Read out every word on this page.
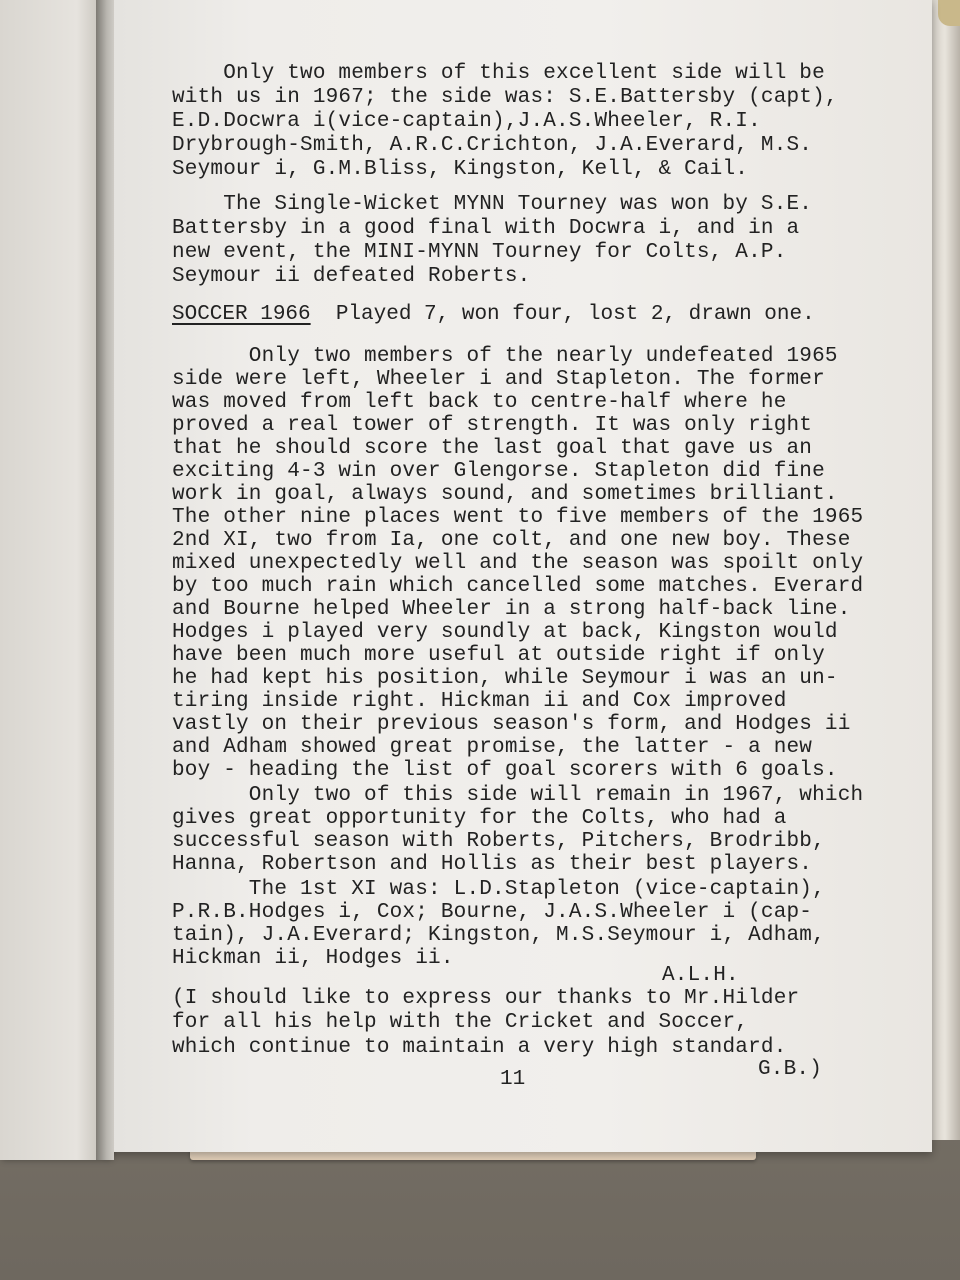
Only two members of this excellent side will be
with us in 1967; the side was: S.E.Battersby (capt),
E.D.Docwra i(vice-captain),J.A.S.Wheeler, R.I.
Drybrough-Smith, A.R.C.Crichton, J.A.Everard, M.S.
Seymour i, G.M.Bliss, Kingston, Kell, & Cail.
The Single-Wicket MYNN Tourney was won by S.E.
Battersby in a good final with Docwra i, and in a
new event, the MINI-MYNN Tourney for Colts, A.P.
Seymour ii defeated Roberts.
SOCCER 1966  Played 7, won four, lost 2, drawn one.
Only two members of the nearly undefeated 1965
side were left, Wheeler i and Stapleton. The former
was moved from left back to centre-half where he
proved a real tower of strength. It was only right
that he should score the last goal that gave us an
exciting 4-3 win over Glengorse. Stapleton did fine
work in goal, always sound, and sometimes brilliant.
The other nine places went to five members of the 1965
2nd XI, two from Ia, one colt, and one new boy. These
mixed unexpectedly well and the season was spoilt only
by too much rain which cancelled some matches. Everard
and Bourne helped Wheeler in a strong half-back line.
Hodges i played very soundly at back, Kingston would
have been much more useful at outside right if only
he had kept his position, while Seymour i was an un-
tiring inside right. Hickman ii and Cox improved
vastly on their previous season's form, and Hodges ii
and Adham showed great promise, the latter - a new
boy - heading the list of goal scorers with 6 goals.
Only two of this side will remain in 1967, which
gives great opportunity for the Colts, who had a
successful season with Roberts, Pitchers, Brodribb,
Hanna, Robertson and Hollis as their best players.
The 1st XI was: L.D.Stapleton (vice-captain),
P.R.B.Hodges i, Cox; Bourne, J.A.S.Wheeler i (cap-
tain), J.A.Everard; Kingston, M.S.Seymour i, Adham,
Hickman ii, Hodges ii.
A.L.H.
(I should like to express our thanks to Mr.Hilder
for all his help with the Cricket and Soccer,
which continue to maintain a very high standard.
G.B.)
11
